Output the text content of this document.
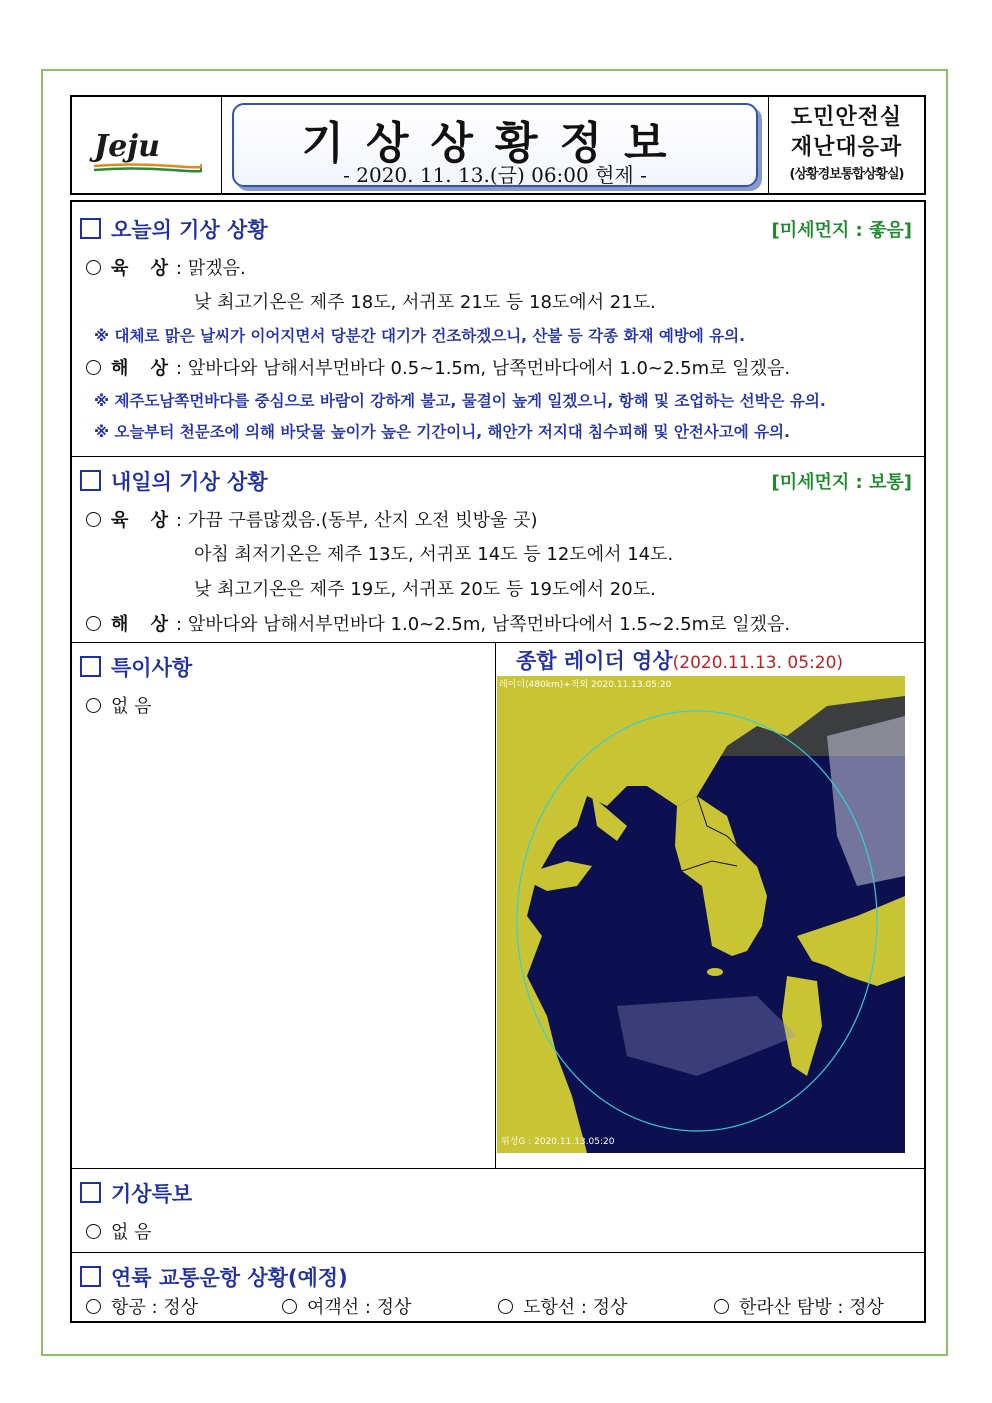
Jeju	기상상황정보
- 2020. 11. 13.(금) 06:00 현제 -
도민안전실
재난대응과
(상황경보통합상황실)
오늘의 기상 상황	[미세먼지 : 좋음]
육 상: 맑겠음.
낮 최고기온은 제주 18도, 서귀포 21도 등 18도에서 21도.
※ 대체로 맑은 날씨가 이어지면서 당분간 대기가 건조하겠으니, 산불 등 각종 화재 예방에 유의.
해 상: 앞바다와 남해서부먼바다 0.5~1.5m, 남쪽먼바다에서 1.0~2.5m로 일겠음.
※ 제주도남쪽먼바다를 중심으로 바람이 강하게 불고, 물결이 높게 일겠으니, 항해 및 조업하는 선박은 유의.
※ 오늘부터 천문조에 의해 바닷물 높이가 높은 기간이니, 해안가 저지대 침수피해 및 안전사고에 유의.
내일의 기상 상황	[미세먼지 : 보통]
육 상: 가끔 구름많겠음.(동부, 산지 오전 빗방울 곳)
아침 최저기온은 제주 13도, 서귀포 14도 등 12도에서 14도.
낮 최고기온은 제주 19도, 서귀포 20도 등 19도에서 20도.
해 상: 앞바다와 남해서부먼바다 1.0~2.5m, 남쪽먼바다에서 1.5~2.5m로 일겠음.
특이사항
없 음
종합 레이더 영상(2020.11.13. 05:20)
레이더(480km)+적외 2020.11.13.05:20
위성G : 2020.11.13.05:20
기상특보
없 음
연륙 교통운항 상황(예정)
항공 : 정상	여객선 : 정상	도항선 : 정상	한라산 탐방 : 정상
